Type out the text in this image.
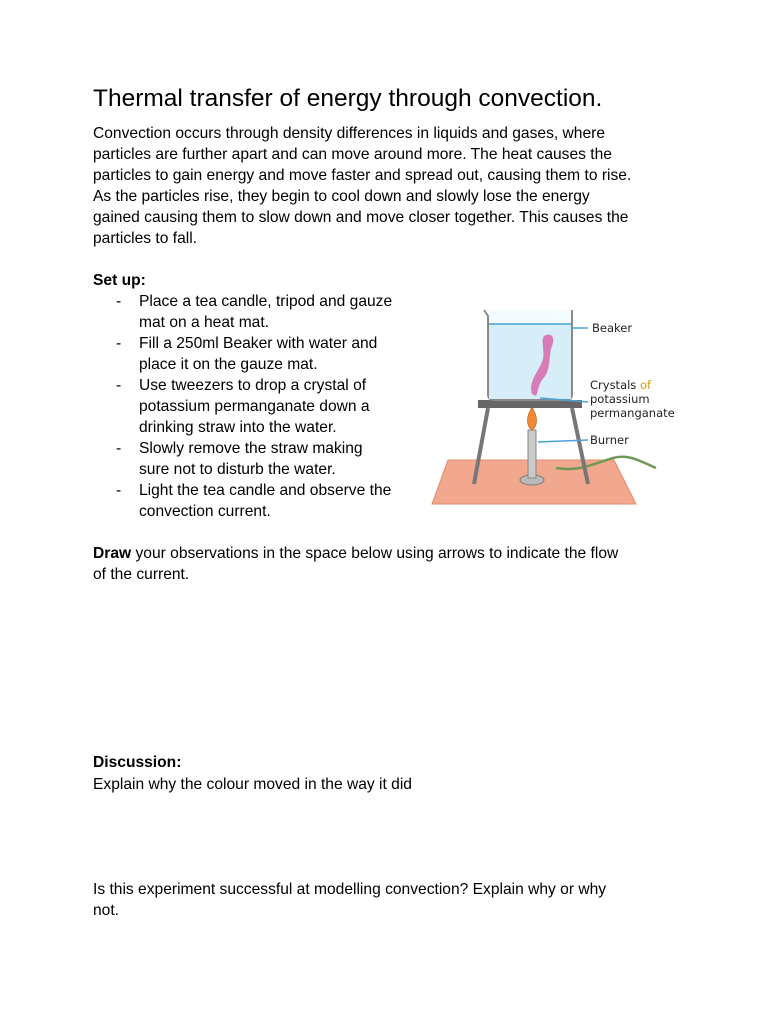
Thermal transfer of energy through convection.
Convection occurs through density differences in liquids and gases, where
particles are further apart and can move around more. The heat causes the
particles to gain energy and move faster and spread out, causing them to rise.
As the particles rise, they begin to cool down and slowly lose the energy
gained causing them to slow down and move closer together. This causes the
particles to fall.
Set up:
-	Place a tea candle, tripod and gauze
mat on a heat mat.
-	Fill a 250ml Beaker with water and
place it on the gauze mat.
-	Use tweezers to drop a crystal of
potassium permanganate down a
drinking straw into the water.
-	Slowly remove the straw making
sure not to disturb the water.
-	Light the tea candle and observe the
convection current.
Beaker
Crystals of
potassium
permanganate
Burner
Draw your observations in the space below using arrows to indicate the flow
of the current.
Discussion:
Explain why the colour moved in the way it did
Is this experiment successful at modelling convection? Explain why or why
not.
